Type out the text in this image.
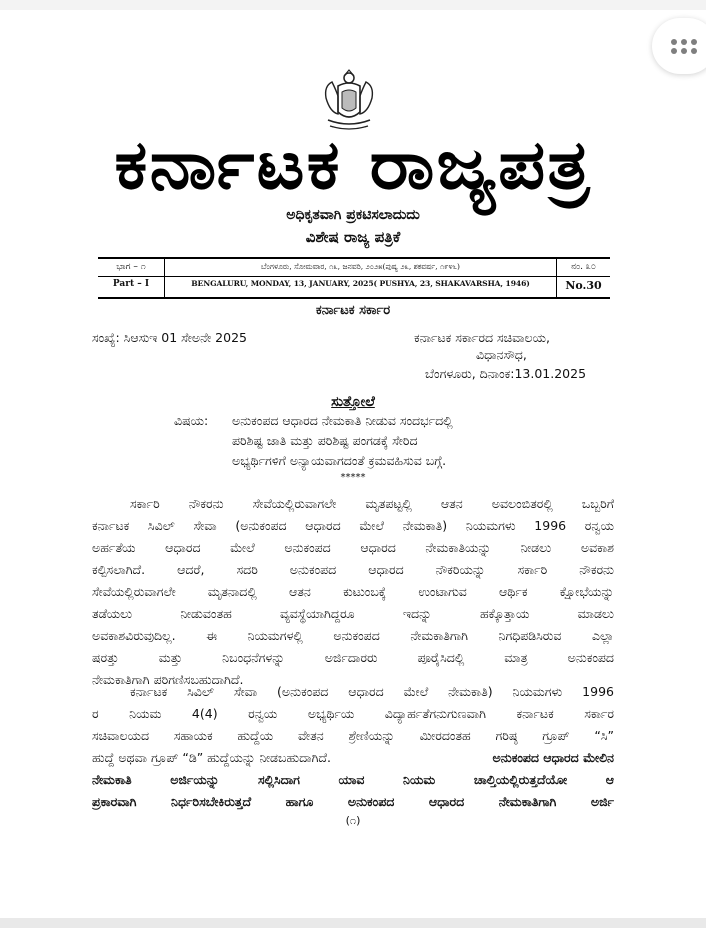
ಕರ್ನಾಟಕ ರಾಜ್ಯಪತ್ರ
ಅಧಿಕೃತವಾಗಿ ಪ್ರಕಟಿಸಲಾದುದು
ವಿಶೇಷ ರಾಜ್ಯ ಪತ್ರಿಕೆ
ಭಾಗ – ೧
Part – I
ಬೆಂಗಳೂರು, ಸೋಮವಾರ, ೧೩, ಜನವರಿ, ೨೦೨೫(ಪುಷ್ಯ ೨೩, ಶಕವರ್ಷ, ೧೯೪೬)
BENGALURU, MONDAY, 13, JANUARY, 2025( PUSHYA, 23, SHAKAVARSHA, 1946)
ನಂ. ೩೦
No.30
ಕರ್ನಾಟಕ ಸರ್ಕಾರ
ಸಂಖ್ಯೆ: ಸಿಆಸುಇ 01 ಸೇಅನೇ 2025	ಕರ್ನಾಟಕ ಸರ್ಕಾರದ ಸಚಿವಾಲಯ,
ವಿಧಾನಸೌಧ,
ಬೆಂಗಳೂರು, ದಿನಾಂಕ:13.01.2025
ಸುತ್ತೋಲೆ
ವಿಷಯ: ಅನುಕಂಪದ ಆಧಾರದ ನೇಮಕಾತಿ ನೀಡುವ ಸಂದರ್ಭದಲ್ಲಿ
ಪರಿಶಿಷ್ಟ ಜಾತಿ ಮತ್ತು ಪರಿಶಿಷ್ಟ ಪಂಗಡಕ್ಕೆ ಸೇರಿದ
ಅಭ್ಯರ್ಥಿಗಳಿಗೆ ಅನ್ಯಾಯವಾಗದಂತೆ ಕ್ರಮವಹಿಸುವ ಬಗ್ಗೆ.
*****
ಸರ್ಕಾರಿ ನೌಕರನು ಸೇವೆಯಲ್ಲಿರುವಾಗಲೇ ಮೃತಪಟ್ಟಲ್ಲಿ ಆತನ ಅವಲಂಬಿತರಲ್ಲಿ ಒಬ್ಬರಿಗೆ
ಕರ್ನಾಟಕ ಸಿವಿಲ್ ಸೇವಾ (ಅನುಕಂಪದ ಆಧಾರದ ಮೇಲೆ ನೇಮಕಾತಿ) ನಿಯಮಗಳು 1996 ರನ್ವಯ
ಅರ್ಹತೆಯ ಆಧಾರದ ಮೇಲೆ ಅನುಕಂಪದ ಆಧಾರದ ನೇಮಕಾತಿಯನ್ನು ನೀಡಲು ಅವಕಾಶ
ಕಲ್ಪಿಸಲಾಗಿದೆ. ಆದರೆ, ಸದರಿ ಅನುಕಂಪದ ಆಧಾರದ ನೌಕರಿಯನ್ನು ಸರ್ಕಾರಿ ನೌಕರನು
ಸೇವೆಯಲ್ಲಿರುವಾಗಲೇ ಮೃತನಾದಲ್ಲಿ ಆತನ ಕುಟುಂಬಕ್ಕೆ ಉಂಟಾಗುವ ಆರ್ಥಿಕ ಕ್ಷೋಭೆಯನ್ನು
ತಡೆಯಲು ನೀಡುವಂತಹ ವ್ಯವಸ್ಥೆಯಾಗಿದ್ದರೂ ಇದನ್ನು ಹಕ್ಕೊತ್ತಾಯ ಮಾಡಲು
ಅವಕಾಶವಿರುವುದಿಲ್ಲ. ಈ ನಿಯಮಗಳಲ್ಲಿ ಅನುಕಂಪದ ನೇಮಕಾತಿಗಾಗಿ ನಿಗಧಿಪಡಿಸಿರುವ ಎಲ್ಲಾ
ಷರತ್ತು ಮತ್ತು ನಿಬಂಧನೆಗಳನ್ನು ಅರ್ಜಿದಾರರು ಪೂರೈಸಿದಲ್ಲಿ ಮಾತ್ರ ಅನುಕಂಪದ
ನೇಮಕಾತಿಗಾಗಿ ಪರಿಗಣಿಸಬಹುದಾಗಿದೆ.
ಕರ್ನಾಟಕ ಸಿವಿಲ್ ಸೇವಾ (ಅನುಕಂಪದ ಆಧಾರದ ಮೇಲೆ ನೇಮಕಾತಿ) ನಿಯಮಗಳು 1996
ರ ನಿಯಮ 4(4) ರನ್ವಯ ಅಭ್ಯರ್ಥಿಯ ವಿದ್ಯಾರ್ಹತೆಗನುಗುಣವಾಗಿ ಕರ್ನಾಟಕ ಸರ್ಕಾರ
ಸಚಿವಾಲಯದ ಸಹಾಯಕ ಹುದ್ದೆಯ ವೇತನ ಶ್ರೇಣಿಯನ್ನು ಮೀರದಂತಹ ಗರಿಷ್ಠ ಗ್ರೂಪ್ “ಸಿ”
ಹುದ್ದೆ ಅಥವಾ ಗ್ರೂಪ್ “ಡಿ” ಹುದ್ದೆಯನ್ನು ನೀಡಬಹುದಾಗಿದೆ.	ಅನುಕಂಪದ ಆಧಾರದ ಮೇಲಿನ
ನೇಮಕಾತಿ ಅರ್ಜಿಯನ್ನು ಸಲ್ಲಿಸಿದಾಗ ಯಾವ ನಿಯಮ ಚಾಲ್ತಿಯಲ್ಲಿರುತ್ತದೆಯೋ ಆ
ಪ್ರಕಾರವಾಗಿ ನಿರ್ಧರಿಸಬೇಕಿರುತ್ತದೆ ಹಾಗೂ ಅನುಕಂಪದ ಆಧಾರದ ನೇಮಕಾತಿಗಾಗಿ ಅರ್ಜಿ
(೧)
